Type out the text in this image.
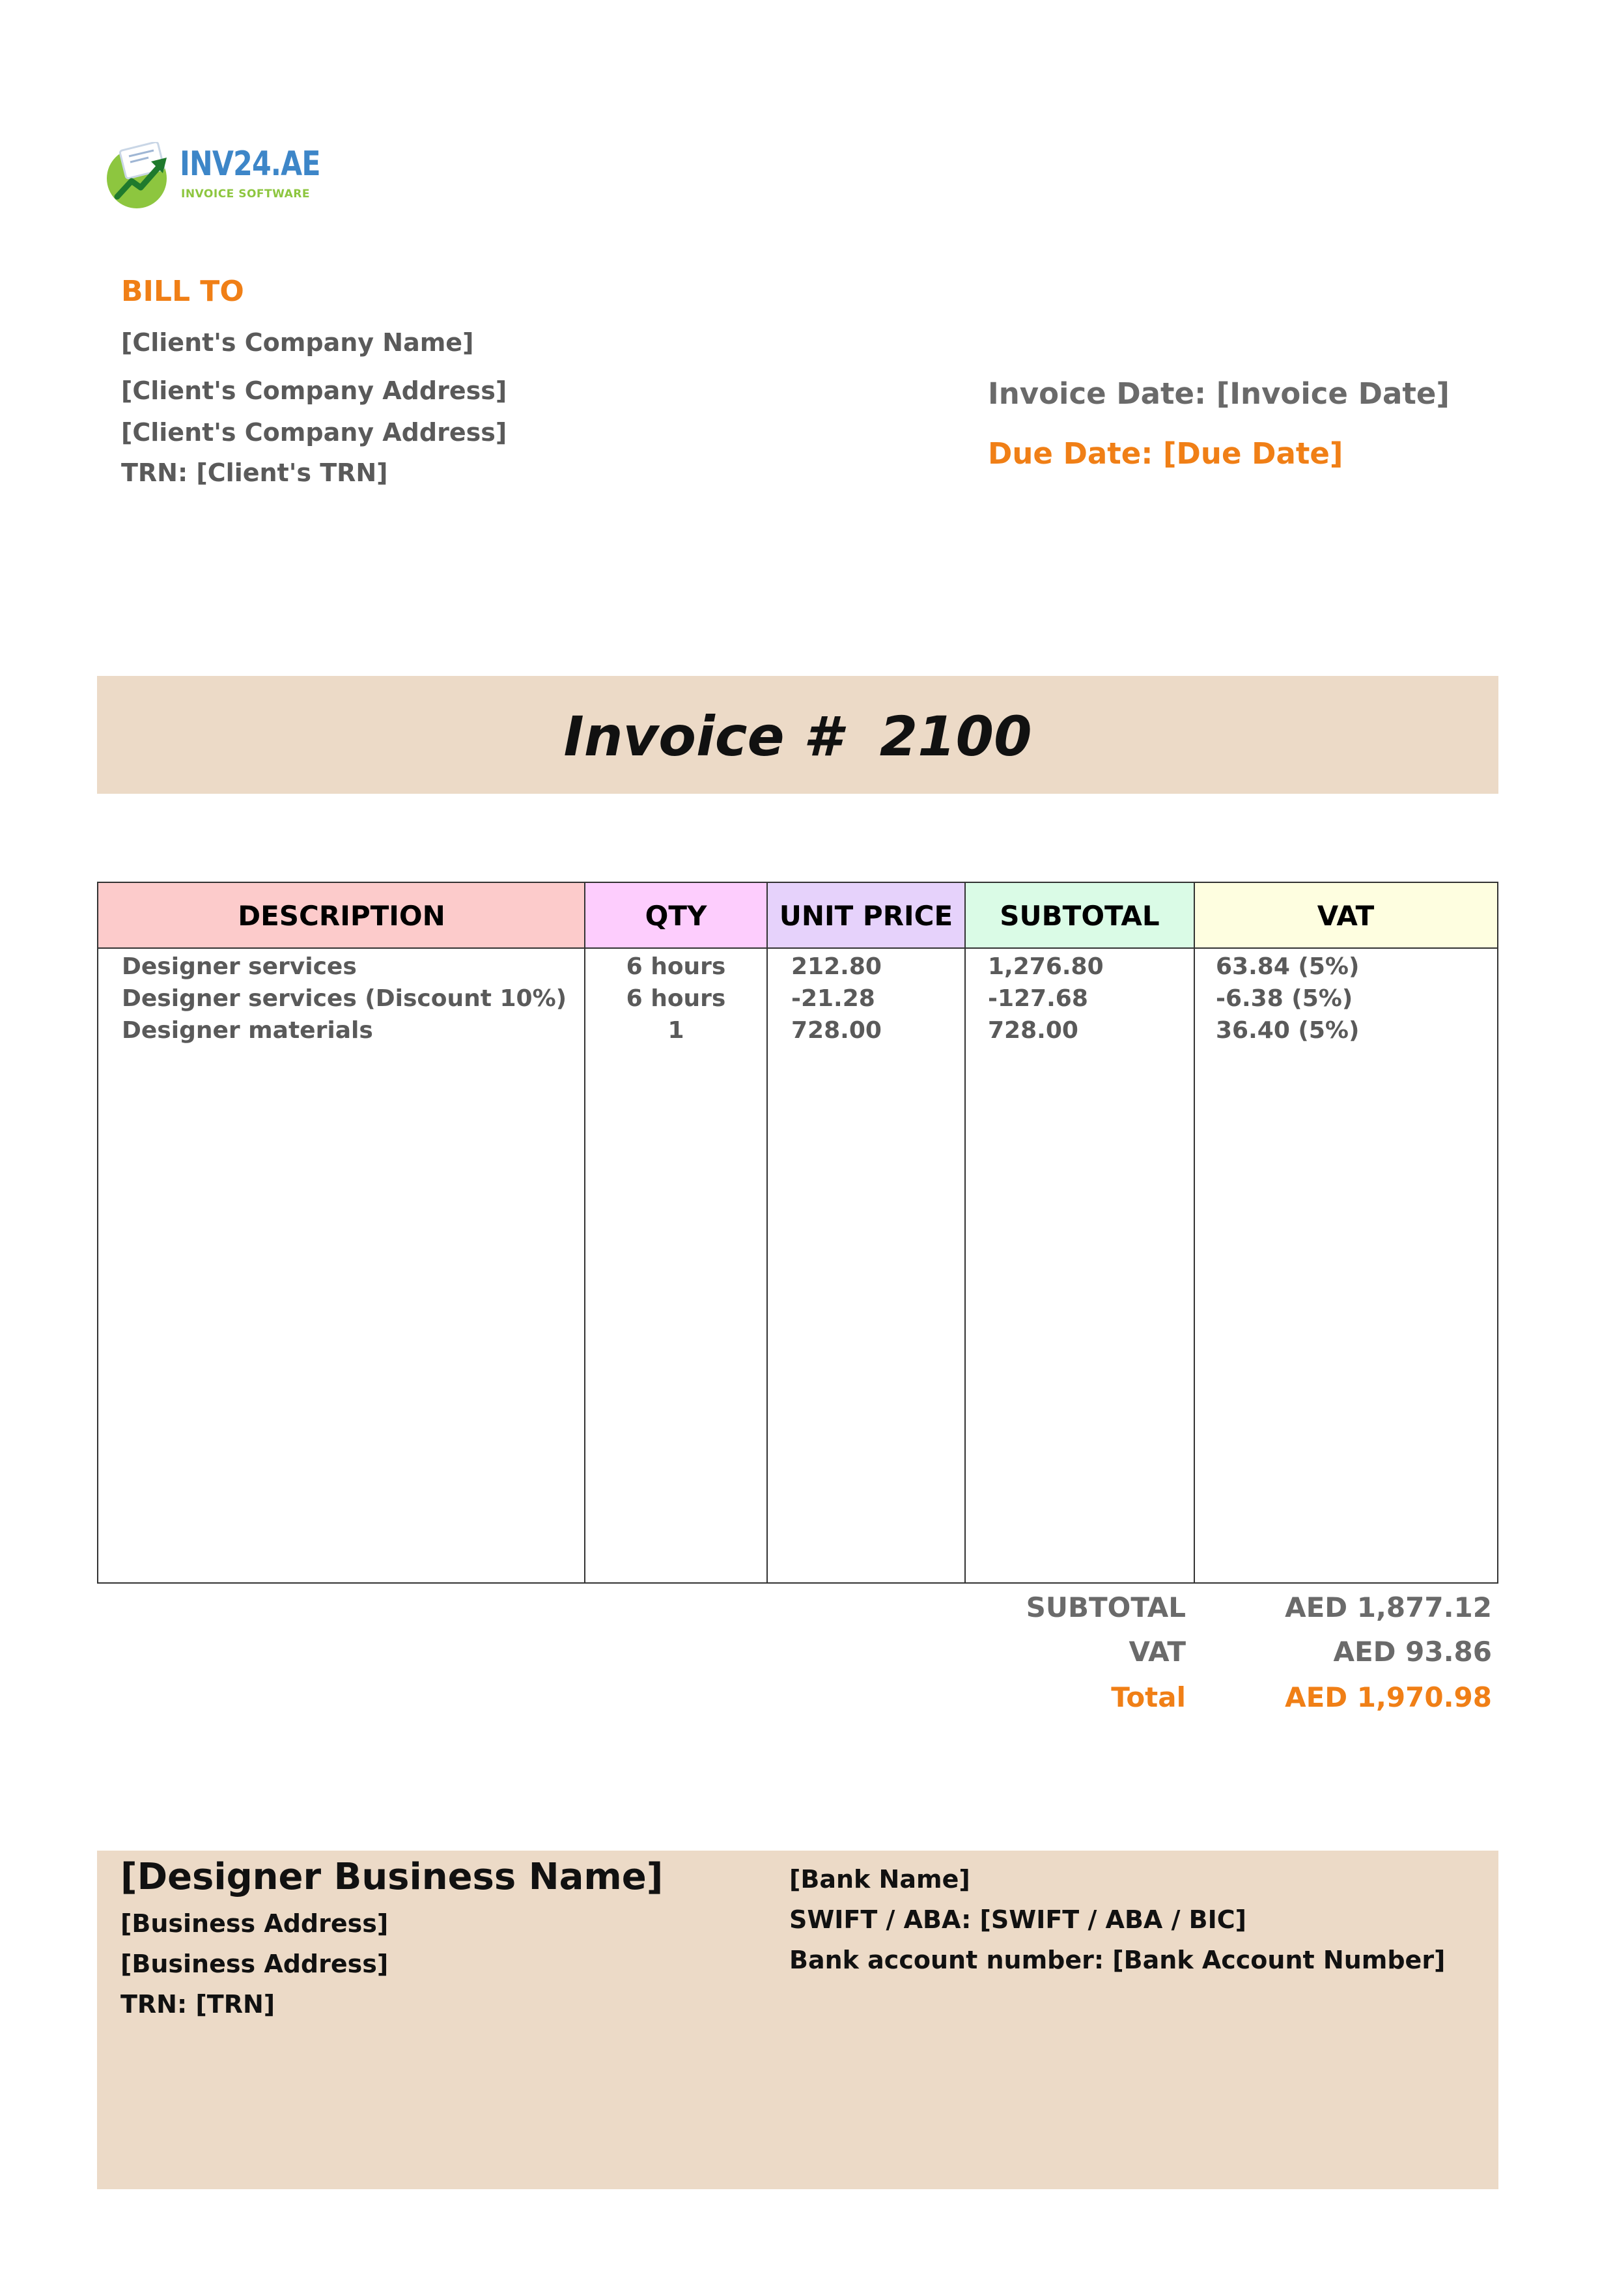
INV24.AE
INVOICE SOFTWARE
BILL TO
[Client's Company Name]
[Client's Company Address]
[Client's Company Address]
TRN: [Client's TRN]
Invoice Date: [Invoice Date]
Due Date: [Due Date]
Invoice #  2100
DESCRIPTION	QTY	UNIT PRICE	SUBTOTAL	VAT
Designer services	6 hours	212.80	1,276.80	63.84 (5%)
Designer services (Discount 10%)	6 hours	-21.28	-127.68	-6.38 (5%)
Designer materials	1	728.00	728.00	36.40 (5%)
SUBTOTAL	AED 1,877.12
VAT	AED 93.86
Total	AED 1,970.98
[Designer Business Name]
[Business Address]
[Business Address]
TRN: [TRN]
[Bank Name]
SWIFT / ABA: [SWIFT / ABA / BIC]
Bank account number: [Bank Account Number]
